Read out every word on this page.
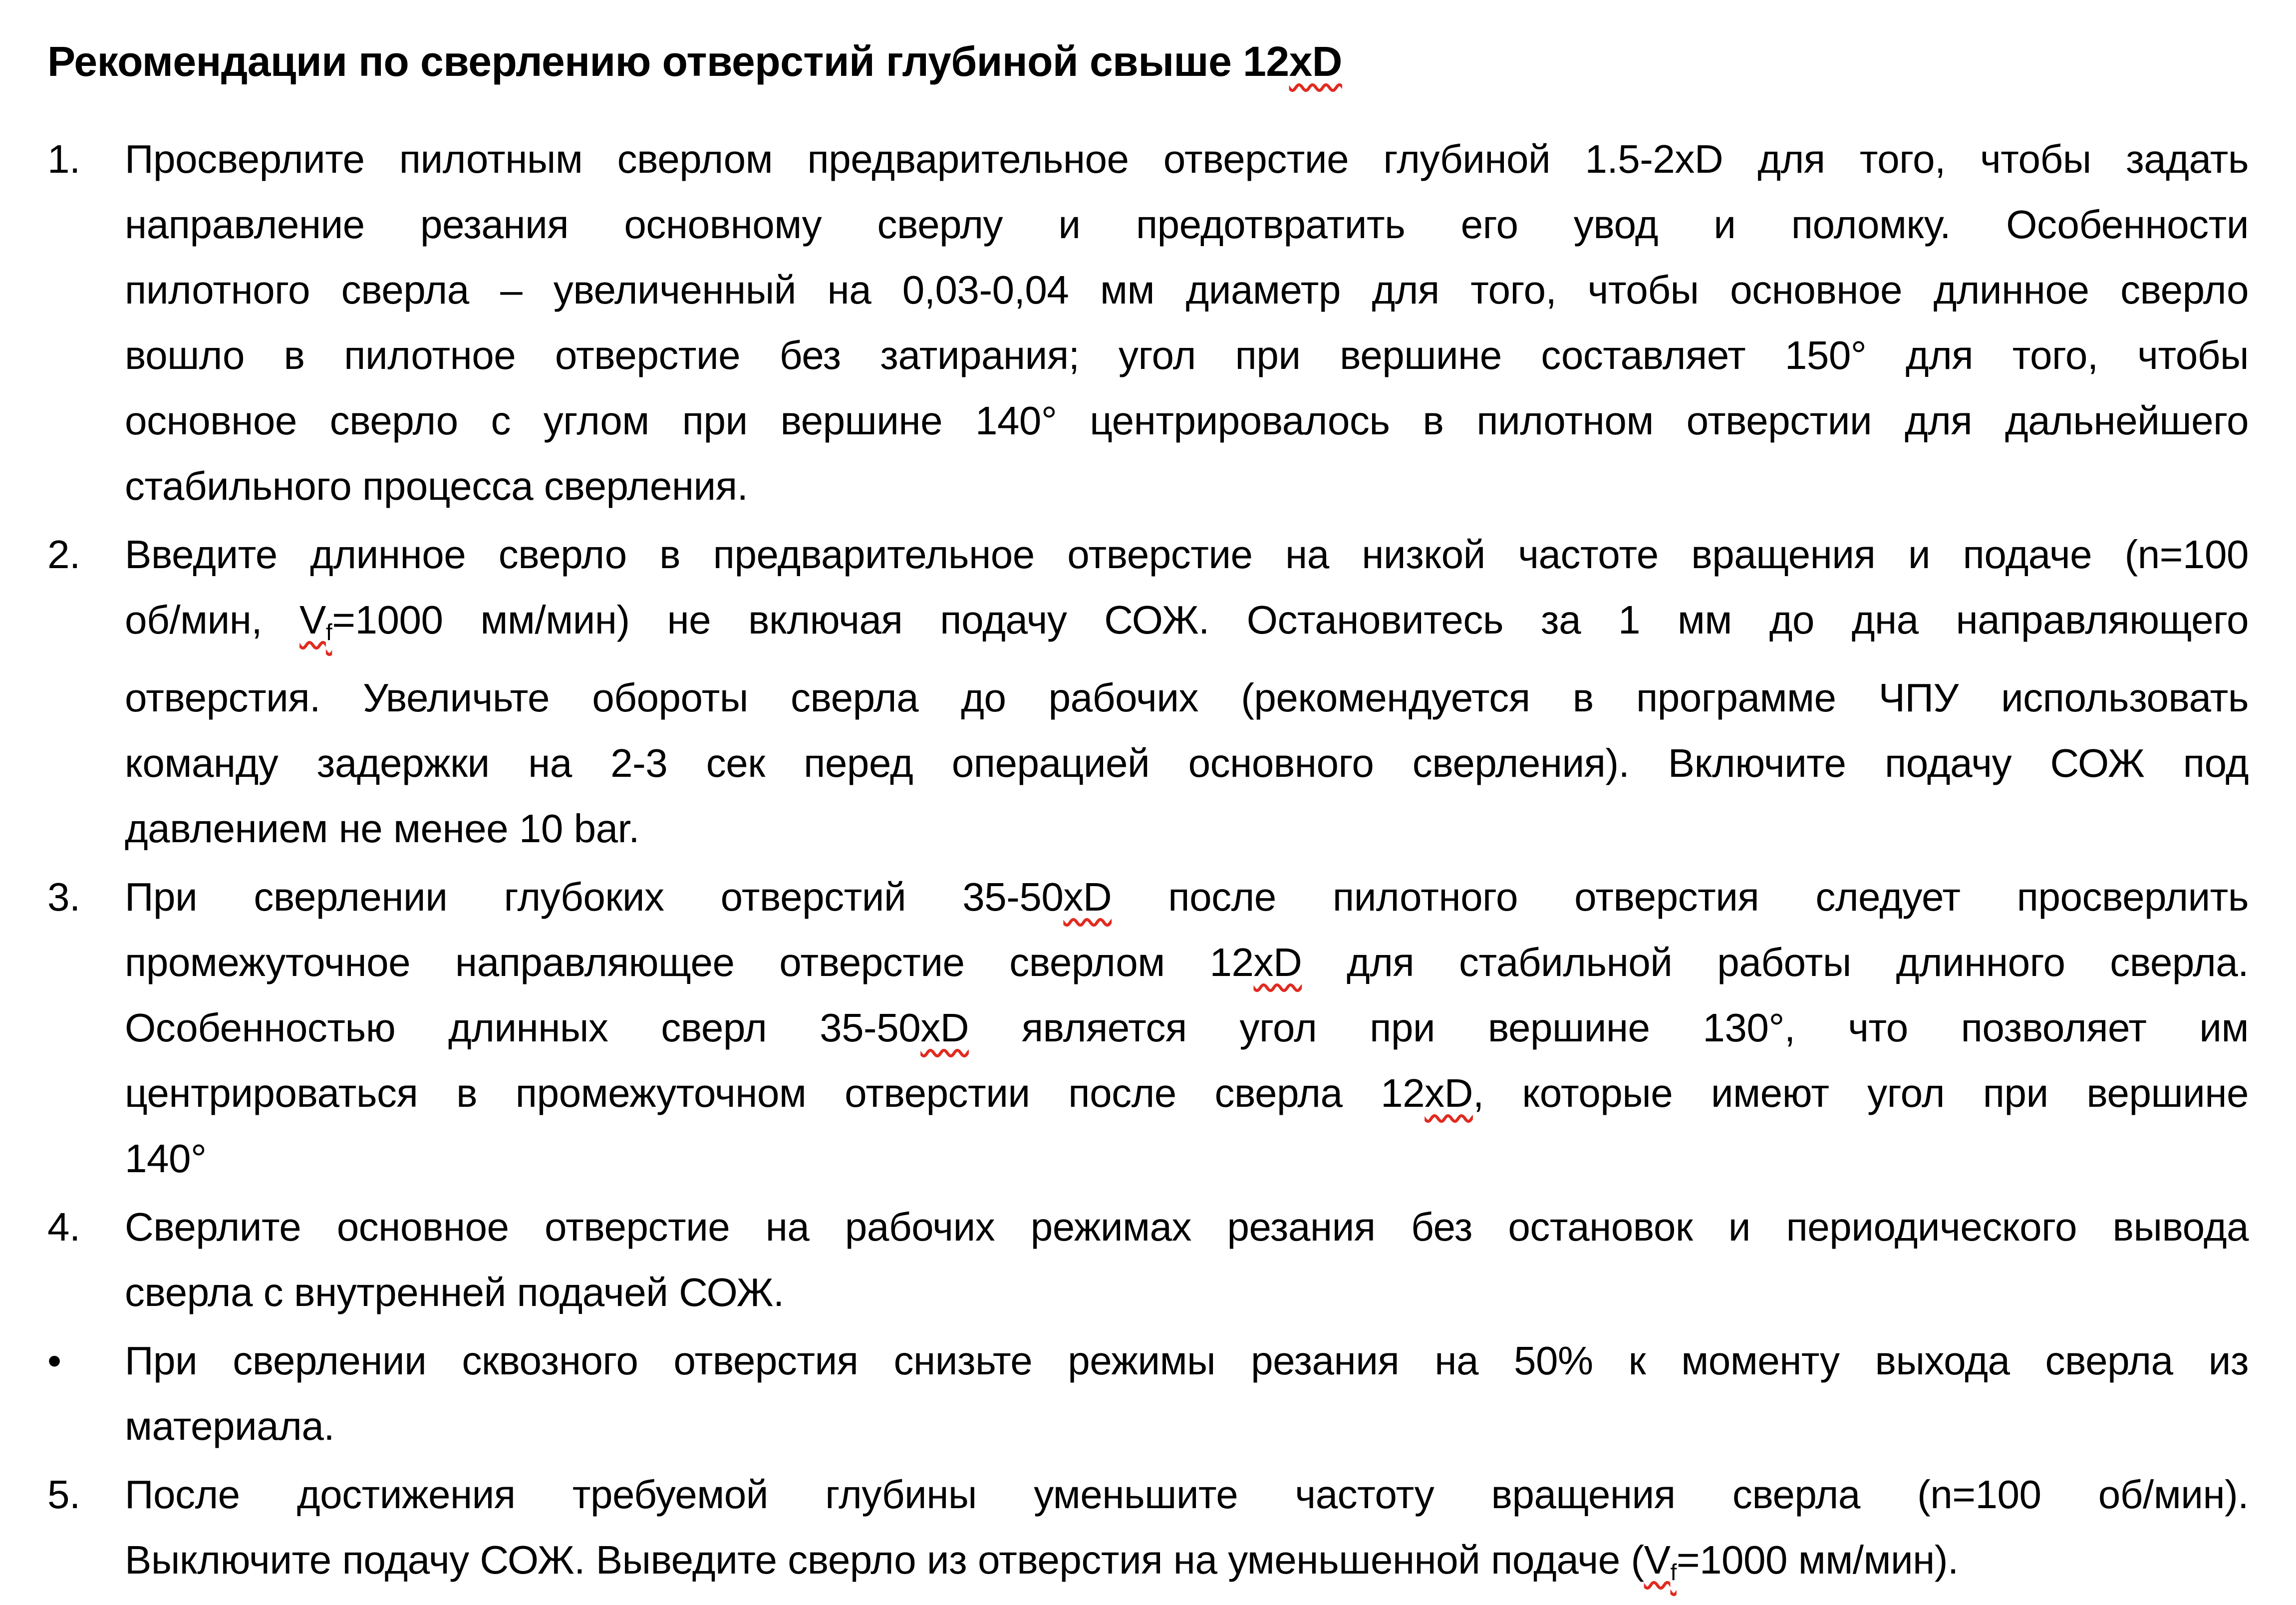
Рекомендации по сверлению отверстий глубиной свыше 12xD
1.	Просверлите пилотным сверлом предварительное отверстие глубиной 1.5-2xD для того, чтобы задать
направление резания основному сверлу и предотвратить его увод и поломку. Особенности
пилотного сверла – увеличенный на 0,03-0,04 мм диаметр для того, чтобы основное длинное сверло
вошло в пилотное отверстие без затирания; угол при вершине составляет 150° для того, чтобы
основное сверло с углом при вершине 140° центрировалось в пилотном отверстии для дальнейшего
стабильного процесса сверления.
2.	Введите длинное сверло в предварительное отверстие на низкой частоте вращения и подаче (n=100
об/мин, $V_f=1000$ мм/мин) не включая подачу СОЖ. Остановитесь за 1 мм до дна направляющего
отверстия. Увеличьте обороты сверла до рабочих (рекомендуется в программе ЧПУ использовать
команду задержки на 2-3 сек перед операцией основного сверления). Включите подачу СОЖ под
давлением не менее 10 bar.
3.	При сверлении глубоких отверстий 35-50xD после пилотного отверстия следует просверлить
промежуточное направляющее отверстие сверлом 12xD для стабильной работы длинного сверла.
Особенностью длинных сверл 35-50xD является угол при вершине 130°, что позволяет им
центрироваться в промежуточном отверстии после сверла 12xD, которые имеют угол при вершине
140°
4.	Сверлите основное отверстие на рабочих режимах резания без остановок и периодического вывода
сверла с внутренней подачей СОЖ.
•	При сверлении сквозного отверстия снизьте режимы резания на 50% к моменту выхода сверла из
материала.
5.	После достижения требуемой глубины уменьшите частоту вращения сверла (n=100 об/мин).
Выключите подачу СОЖ. Выведите сверло из отверстия на уменьшенной подаче ($V_f=1000$ мм/мин).
